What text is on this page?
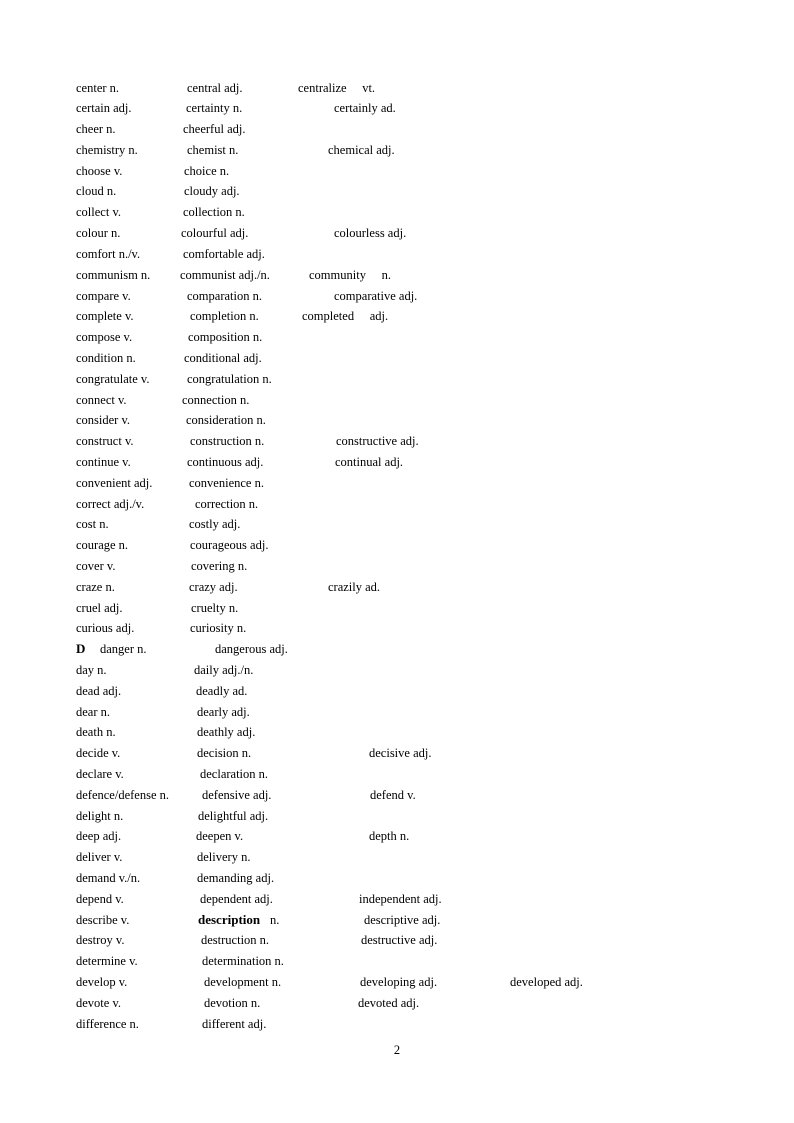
center n.	central adj.	centralize　 vt.
certain adj.	certainty n.	certainly ad.
cheer n.	cheerful adj.
chemistry n.	chemist n.	chemical adj.
choose v.	choice n.
cloud n.	cloudy adj.
collect v.	collection n.
colour n.	colourful adj.	colourless adj.
comfort n./v.	comfortable adj.
communism n. communist adj./n.	community　 n.
compare v.	comparation n.	comparative adj.
complete v.	completion n.	completed　 adj.
compose v.	composition n.
condition n.	conditional adj.
congratulate v.	congratulation n.
connect v.	connection n.
consider v.	consideration n.
construct v.	construction n.	constructive adj.
continue v.	continuous adj.	continual adj.
convenient adj.	convenience n.
correct adj./v.	correction n.
cost n.	costly adj.
courage n.	courageous adj.
cover v.	covering n.
craze n.	crazy adj.	crazily ad.
cruel adj.	cruelty n.
curious adj.	curiosity n.
D danger n.	dangerous adj.
day n.	daily adj./n.
dead adj.	deadly ad.
dear n.	dearly adj.
death n.	deathly adj.
decide v.	decision n.	decisive adj.
declare v.	declaration n.
defence/defense n.	defensive adj.	defend v.
delight n.	delightful adj.
deep adj.	deepen v.	depth n.
deliver v.	delivery n.
demand v./n.	demanding adj.
depend v.	dependent adj.	independent adj.
describe v.	description n.	descriptive adj.
destroy v.	destruction n.	destructive adj.
determine v.	determination n.
develop v.	development n.	developing adj.	developed adj.
devote v.	devotion n.	devoted adj.
difference n.	different adj.
2
